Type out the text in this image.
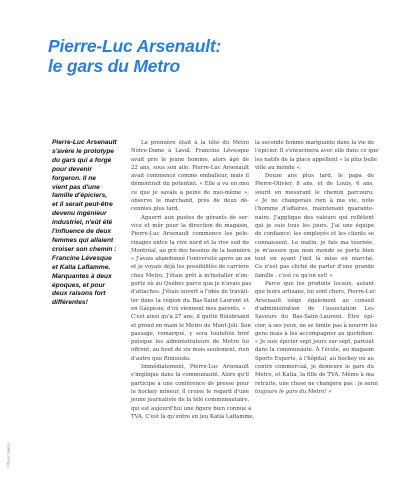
Pierre-Luc Arsenault:
le gars du Metro
Pierre-Luc Arsenault
s'avère le prototype
du gars qui a forgé
pour devenir
forgeron. Il ne
vient pas d'une
famille d'épiciers,
et il serait peut-être
devenu ingénieur
industriel, n'eût été
l'influence de deux
femmes qui allaient
croiser son chemin :
Francine Lévesque
et Katia Laflamme.
Marquantes à deux
époques, et pour
deux raisons fort
différentes!
Photo: Metro
La première était à la tête du Metro
Notre-Dame à Laval. Francine Lévesque
avait pris le jeune homme, alors âgé de
22 ans, sous son aile. Pierre-Luc Arsenault
avait commencé comme emballeur, mais il
démontrait du potentiel. « Elle a vu en moi
ce que je savais à peine de moi-même »,
observe le marchand, près de deux dé-
cennies plus tard.
Aguerri aux postes de gérants de ser-
vice et mûr pour la direction de magasin,
Pierre-Luc Arsenault commence les péle-
rinages entre la rive nord et la rive sud de
Montréal, au gré des besoins de la bannière.
« J'avais abandonné l'université après un an
et je voyais déjà les possibilités de carrière
chez Metro. J'étais prêt à m'installer n'im-
porte où au Québec parce que je n'avais pas
d'attaches. J'étais ouvert à l'idée de travail-
ler dans la région du Bas-Saint-Laurent et
en Gaspésie, d'où viennent mes parents. »
C'est ainsi qu'à 27 ans, il quitte Boisbriand
et prend en main le Metro de Mont-Joli. Son
passage, remarqué, y sera toutefois bref
puisque les administrateurs de Metro lui
offrent, au bout de six mois seulement, rien
d'autre que Rimouski.
Immédiatement, Pierre-Luc Arsenault
s'implique dans la communauté. Alors qu'il
participe à une conférence de presse pour
le hockey mineur, il croise le regard d'une
jeune journaliste de la télé communautaire,
qui est aujourd'hui une figure bien connue à
TVA. C'est là qu'entre en jeu Katia Laflamme,
la seconde femme marquante dans la vie de
l'épicier. Il s'enracinera avec elle dans ce que
les natifs de la place appellent « la plus belle
ville au monde ».
Douze ans plus tard, le papa de
Pierre-Olivier, 8 ans, et de Louis, 6 ans,
sourit en mesurant le chemin parcouru.
« Je ne changerais rien à ma vie, note
l'homme d'affaires, maintenant quarante-
naire. J'applique des valeurs qui reflètent
qui je suis tous les jours. J'ai une équipe
de confiance; les employés et les clients se
connaissent. Le matin, je fais ma tournée,
je m'assure que mon monde se porte bien
tout en ayant l'œil là mise en marché.
Ce n'est pas cliché de parler d'une grande
famille : c'est ce qu'on est! »
Parce que les produits locaux, autant
que leurs artisans, lui sont chers, Pierre-Luc
Arsenault siège également au conseil
d'administration de l'association Les
Saveurs du Bas-Saint-Laurent. Être épi-
cier, à ses yeux, ne se limite pas à nourrir les
gens mais à les accompagner au quotidien.
« Je suis épicier sept jours sur sept, partout
dans la communauté. À l'école, au magasin
Sports Experts, à l'hôpital, au hockey ou au
centre commercial, je demeure le gars du
Metro, et Katia, la fille de TVA. Même à ma
retraite, une chose ne changera pas : je serai
toujours le gars du Metro! »
